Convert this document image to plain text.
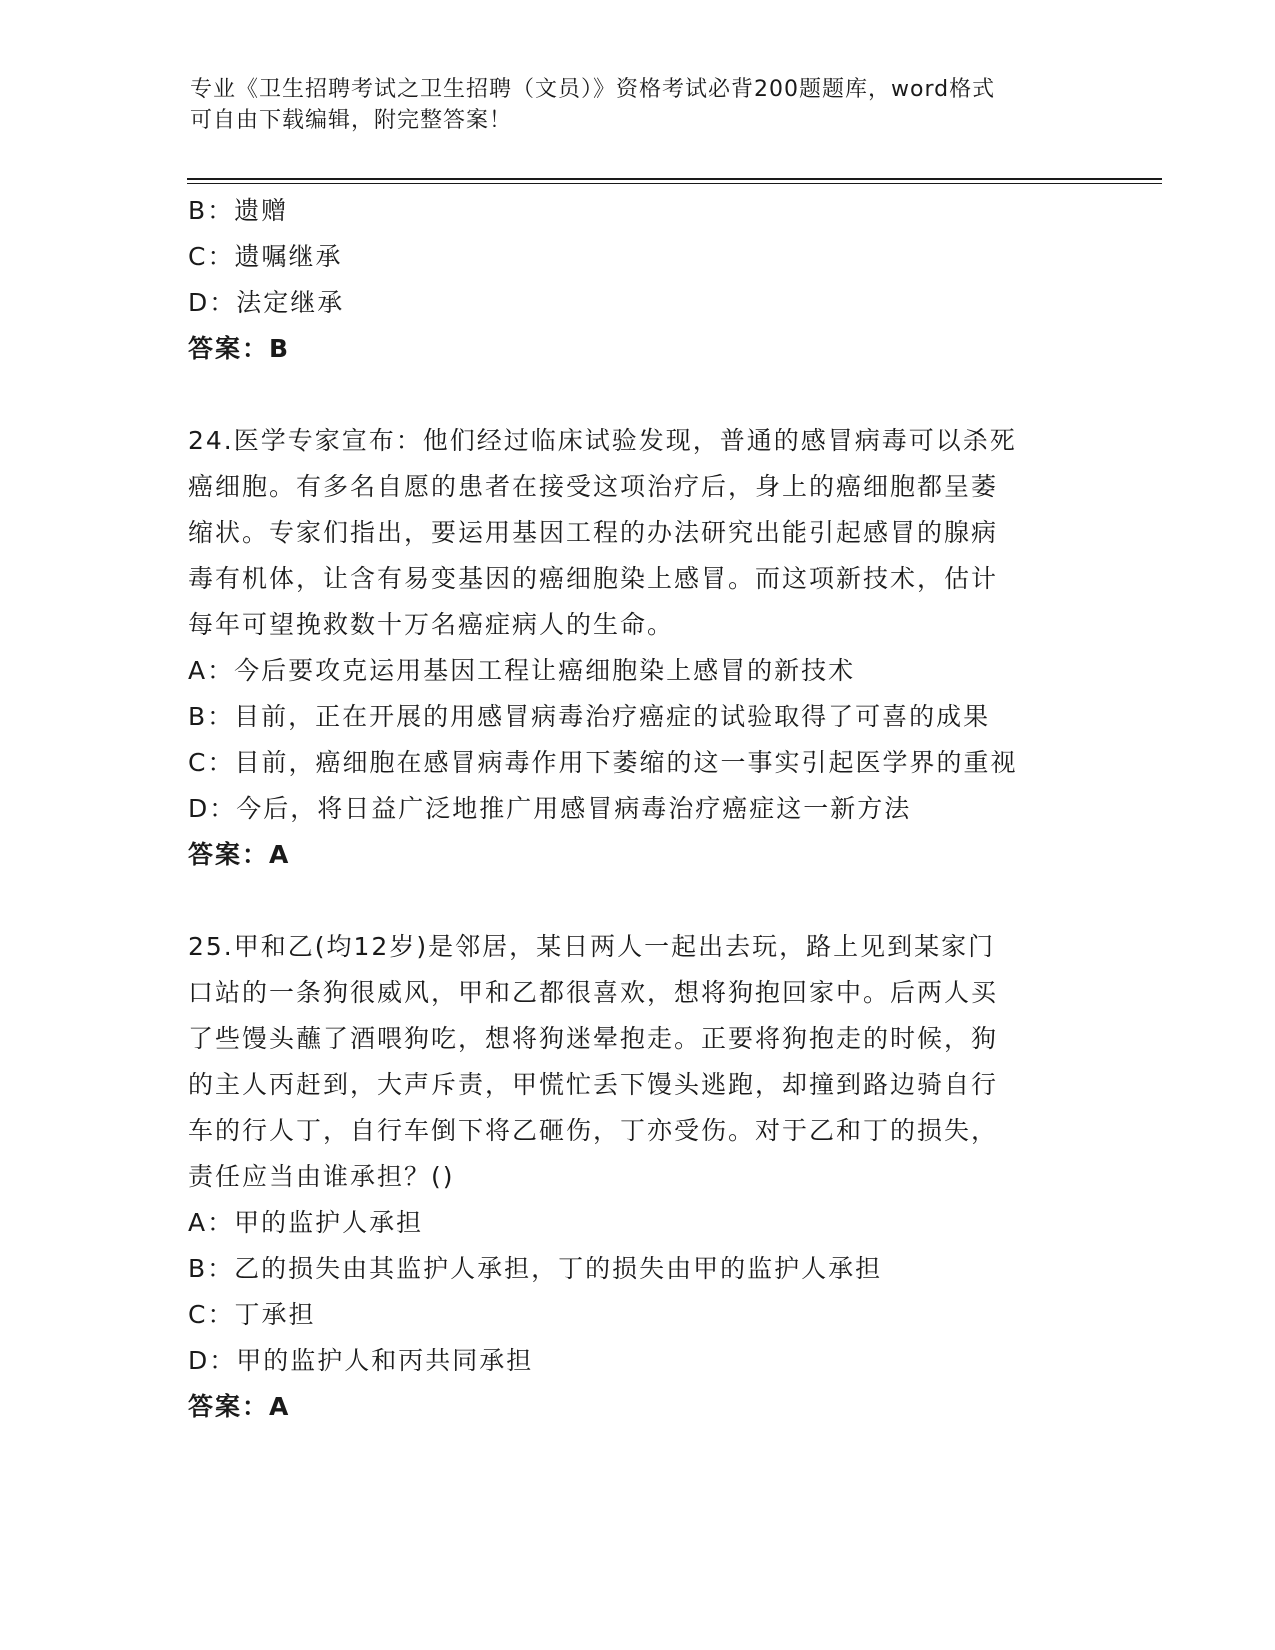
专业《卫生招聘考试之卫生招聘（文员）》资格考试必背200题题库，word格式
可自由下载编辑，附完整答案！
B：遗赠
C：遗嘱继承
D：法定继承
答案：B
24.医学专家宣布：他们经过临床试验发现，普通的感冒病毒可以杀死
癌细胞。有多名自愿的患者在接受这项治疗后，身上的癌细胞都呈萎
缩状。专家们指出，要运用基因工程的办法研究出能引起感冒的腺病
毒有机体，让含有易变基因的癌细胞染上感冒。而这项新技术，估计
每年可望挽救数十万名癌症病人的生命。
A：今后要攻克运用基因工程让癌细胞染上感冒的新技术
B：目前，正在开展的用感冒病毒治疗癌症的试验取得了可喜的成果
C：目前，癌细胞在感冒病毒作用下萎缩的这一事实引起医学界的重视
D：今后，将日益广泛地推广用感冒病毒治疗癌症这一新方法
答案：A
25.甲和乙(均12岁)是邻居，某日两人一起出去玩，路上见到某家门
口站的一条狗很威风，甲和乙都很喜欢，想将狗抱回家中。后两人买
了些馒头蘸了酒喂狗吃，想将狗迷晕抱走。正要将狗抱走的时候，狗
的主人丙赶到，大声斥责，甲慌忙丢下馒头逃跑，却撞到路边骑自行
车的行人丁，自行车倒下将乙砸伤，丁亦受伤。对于乙和丁的损失，
责任应当由谁承担？()
A：甲的监护人承担
B：乙的损失由其监护人承担，丁的损失由甲的监护人承担
C：丁承担
D：甲的监护人和丙共同承担
答案：A
